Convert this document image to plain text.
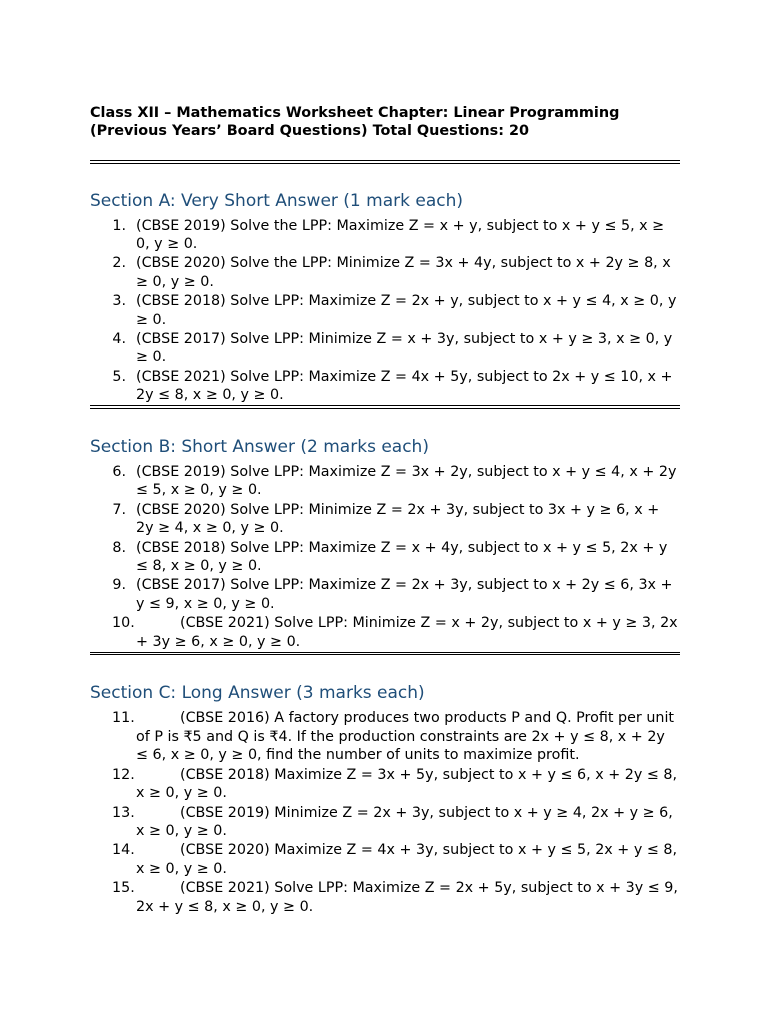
Class XII – Mathematics Worksheet Chapter: Linear Programming
(Previous Years’ Board Questions) Total Questions: 20
Section A: Very Short Answer (1 mark each)
1. (CBSE 2019) Solve the LPP: Maximize Z = x + y, subject to x + y ≤ 5, x ≥ 0, y ≥ 0.
2. (CBSE 2020) Solve the LPP: Minimize Z = 3x + 4y, subject to x + 2y ≥ 8, x ≥ 0, y ≥ 0.
3. (CBSE 2018) Solve LPP: Maximize Z = 2x + y, subject to x + y ≤ 4, x ≥ 0, y ≥ 0.
4. (CBSE 2017) Solve LPP: Minimize Z = x + 3y, subject to x + y ≥ 3, x ≥ 0, y ≥ 0.
5. (CBSE 2021) Solve LPP: Maximize Z = 4x + 5y, subject to 2x + y ≤ 10, x + 2y ≤ 8, x ≥ 0, y ≥ 0.
Section B: Short Answer (2 marks each)
6. (CBSE 2019) Solve LPP: Maximize Z = 3x + 2y, subject to x + y ≤ 4, x + 2y ≤ 5, x ≥ 0, y ≥ 0.
7. (CBSE 2020) Solve LPP: Minimize Z = 2x + 3y, subject to 3x + y ≥ 6, x + 2y ≥ 4, x ≥ 0, y ≥ 0.
8. (CBSE 2018) Solve LPP: Maximize Z = x + 4y, subject to x + y ≤ 5, 2x + y ≤ 8, x ≥ 0, y ≥ 0.
9. (CBSE 2017) Solve LPP: Maximize Z = 2x + 3y, subject to x + 2y ≤ 6, 3x + y ≤ 9, x ≥ 0, y ≥ 0.
10.	(CBSE 2021) Solve LPP: Minimize Z = x + 2y, subject to x + y ≥ 3, 2x + 3y ≥ 6, x ≥ 0, y ≥ 0.
Section C: Long Answer (3 marks each)
11.	(CBSE 2016) A factory produces two products P and Q. Profit per unit of P is ₹5 and Q is ₹4. If the production constraints are 2x + y ≤ 8, x + 2y ≤ 6, x ≥ 0, y ≥ 0, find the number of units to maximize profit.
12.	(CBSE 2018) Maximize Z = 3x + 5y, subject to x + y ≤ 6, x + 2y ≤ 8, x ≥ 0, y ≥ 0.
13.	(CBSE 2019) Minimize Z = 2x + 3y, subject to x + y ≥ 4, 2x + y ≥ 6, x ≥ 0, y ≥ 0.
14.	(CBSE 2020) Maximize Z = 4x + 3y, subject to x + y ≤ 5, 2x + y ≤ 8, x ≥ 0, y ≥ 0.
15.	(CBSE 2021) Solve LPP: Maximize Z = 2x + 5y, subject to x + 3y ≤ 9, 2x + y ≤ 8, x ≥ 0, y ≥ 0.
